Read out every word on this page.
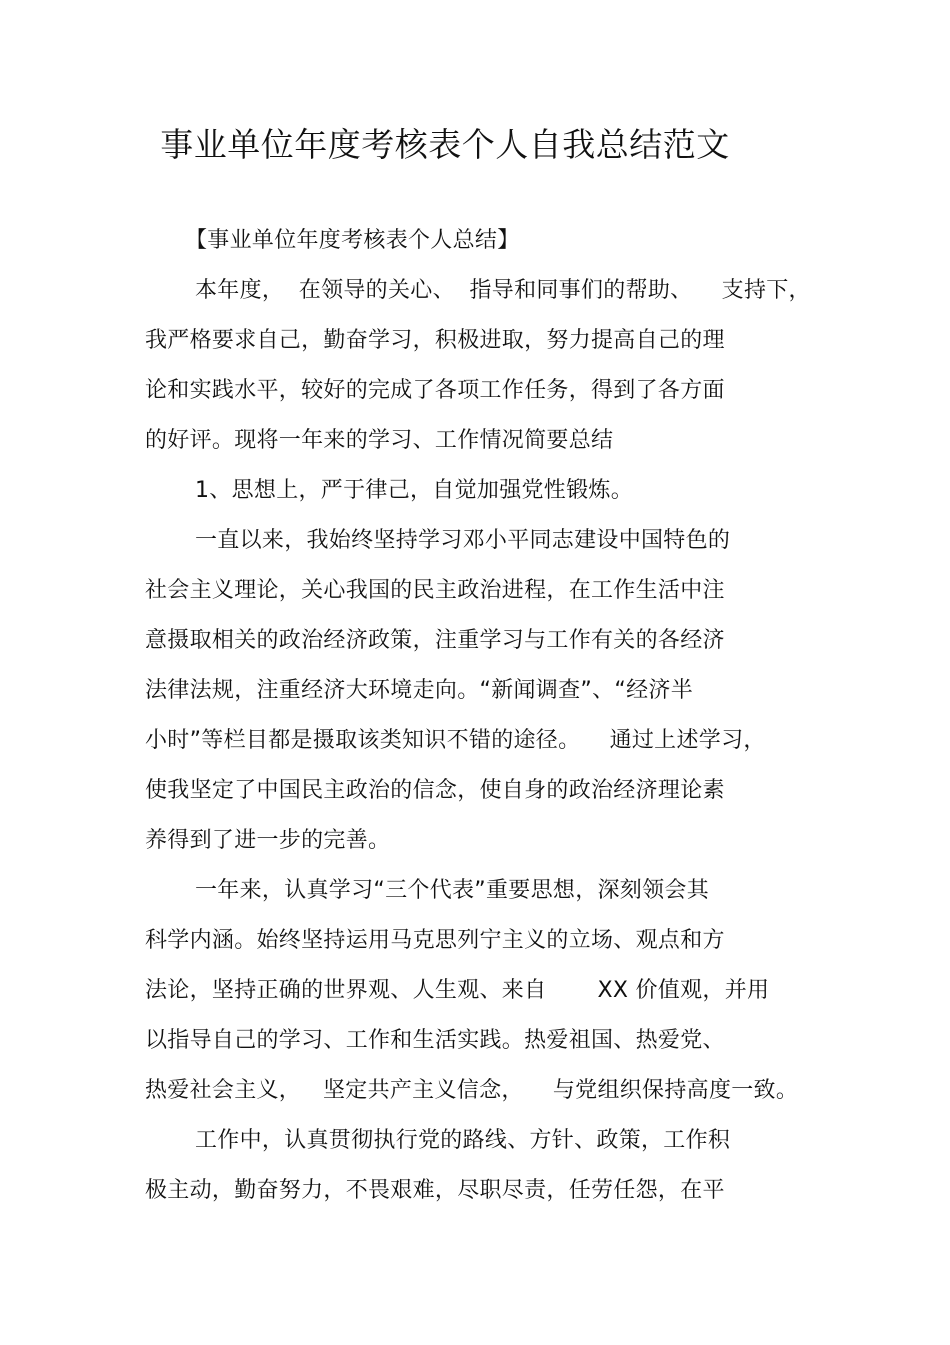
事业单位年度考核表个人自我总结范文
【事业单位年度考核表个人总结】
本年度，  在领导的关心、  指导和同事们的帮助、    支持下，
我严格要求自己，勤奋学习，积极进取，努力提高自己的理
论和实践水平，较好的完成了各项工作任务，得到了各方面
的好评。现将一年来的学习、工作情况简要总结
1、思想上，严于律己，自觉加强党性锻炼。
一直以来，我始终坚持学习邓小平同志建设中国特色的
社会主义理论，关心我国的民主政治进程，在工作生活中注
意摄取相关的政治经济政策，注重学习与工作有关的各经济
法律法规，注重经济大环境走向。“新闻调查”、“经济半
小时”等栏目都是摄取该类知识不错的途径。    通过上述学习，
使我坚定了中国民主政治的信念，使自身的政治经济理论素
养得到了进一步的完善。
一年来，认真学习“三个代表”重要思想，深刻领会其
科学内涵。始终坚持运用马克思列宁主义的立场、观点和方
法论，坚持正确的世界观、人生观、来自       XX 价值观，并用
以指导自己的学习、工作和生活实践。热爱祖国、热爱党、
热爱社会主义，   坚定共产主义信念，    与党组织保持高度一致。
工作中，认真贯彻执行党的路线、方针、政策，工作积
极主动，勤奋努力，不畏艰难，尽职尽责，任劳任怨，在平
